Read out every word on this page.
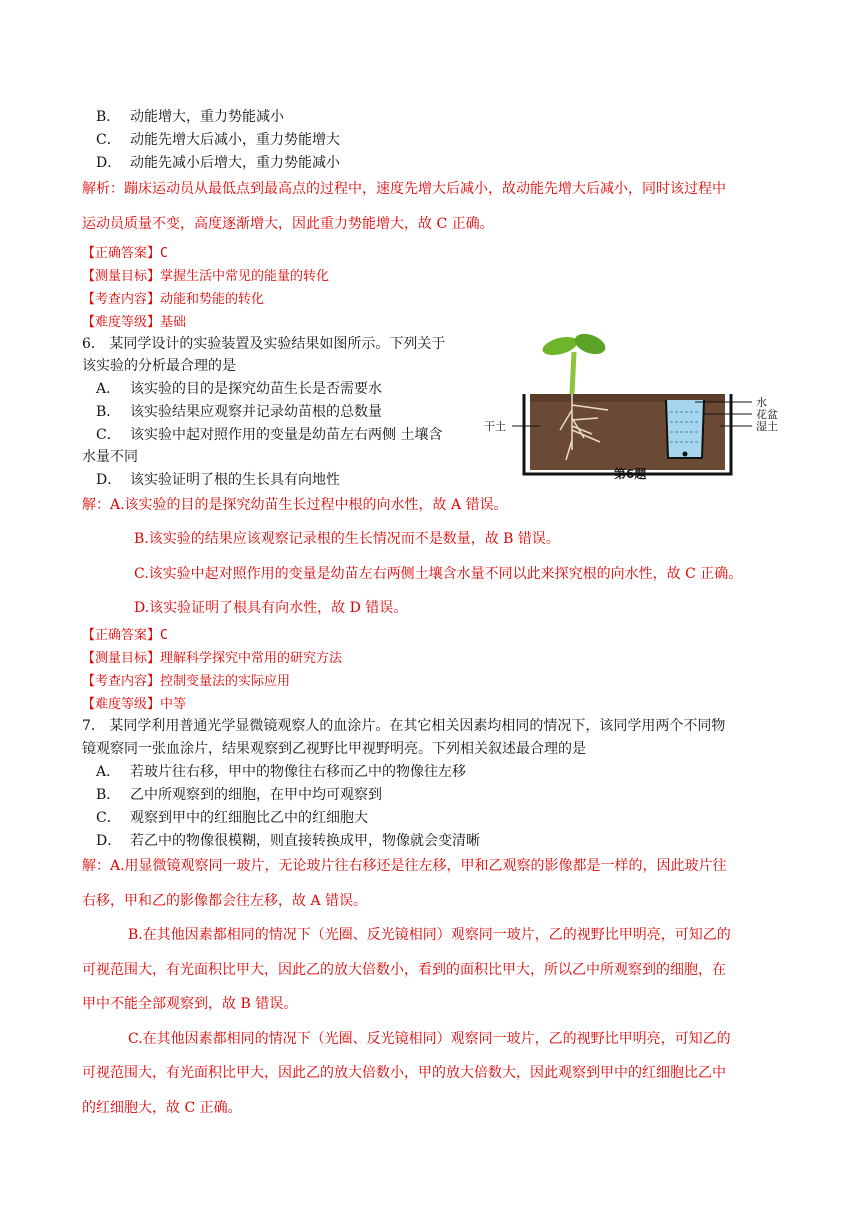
B． 动能增大，重力势能减小
C． 动能先增大后减小，重力势能增大
D． 动能先减小后增大，重力势能减小
解析：蹦床运动员从最低点到最高点的过程中，速度先增大后减小，故动能先增大后减小，同时该过程中
运动员质量不变，高度逐渐增大，因此重力势能增大，故 C 正确。
【正确答案】C
【测量目标】掌握生活中常见的能量的转化
【考查内容】动能和势能的转化
【难度等级】基础
6． 某同学设计的实验装置及实验结果如图所示。下列关于
该实验的分析最合理的是
A． 该实验的目的是探究幼苗生长是否需要水
B． 该实验结果应观察并记录幼苗根的总数量
C． 该实验中起对照作用的变量是幼苗左右两侧 土壤含
水量不同
D． 该实验证明了根的生长具有向地性
水
花盆
湿土
干土
第6题
解：A.该实验的目的是探究幼苗生长过程中根的向水性，故 A 错误。
B.该实验的结果应该观察记录根的生长情况而不是数量，故 B 错误。
C.该实验中起对照作用的变量是幼苗左右两侧土壤含水量不同以此来探究根的向水性，故 C 正确。
D.该实验证明了根具有向水性，故 D 错误。
【正确答案】C
【测量目标】理解科学探究中常用的研究方法
【考查内容】控制变量法的实际应用
【难度等级】中等
7． 某同学利用普通光学显微镜观察人的血涂片。在其它相关因素均相同的情况下，该同学用两个不同物
镜观察同一张血涂片，结果观察到乙视野比甲视野明亮。下列相关叙述最合理的是
A． 若玻片往右移，甲中的物像往右移而乙中的物像往左移
B． 乙中所观察到的细胞，在甲中均可观察到
C． 观察到甲中的红细胞比乙中的红细胞大
D． 若乙中的物像很模糊，则直接转换成甲，物像就会变清晰
解：A.用显微镜观察同一玻片，无论玻片往右移还是往左移，甲和乙观察的影像都是一样的，因此玻片往
右移，甲和乙的影像都会往左移，故 A 错误。
B.在其他因素都相同的情况下（光圈、反光镜相同）观察同一玻片，乙的视野比甲明亮，可知乙的
可视范围大，有光面积比甲大，因此乙的放大倍数小，看到的面积比甲大，所以乙中所观察到的细胞，在
甲中不能全部观察到，故 B 错误。
C.在其他因素都相同的情况下（光圈、反光镜相同）观察同一玻片，乙的视野比甲明亮，可知乙的
可视范围大，有光面积比甲大，因此乙的放大倍数小，甲的放大倍数大，因此观察到甲中的红细胞比乙中
的红细胞大，故 C 正确。
